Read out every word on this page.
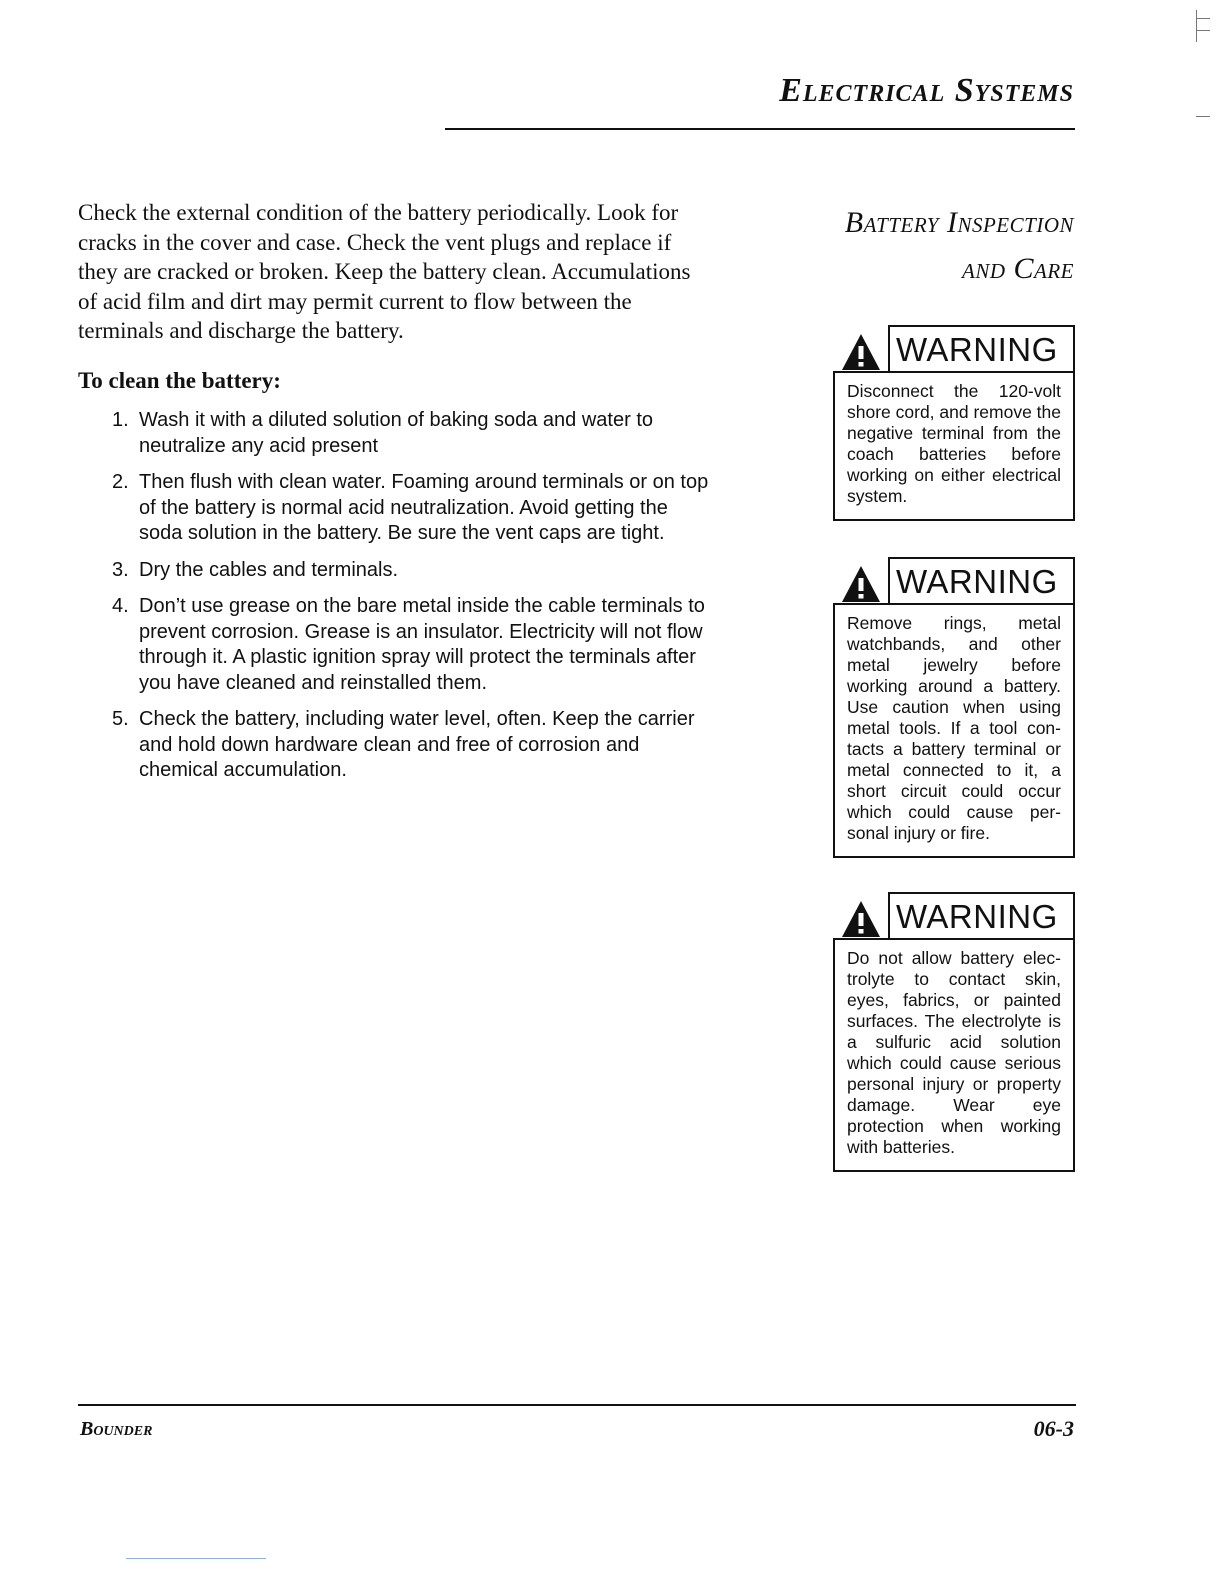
Electrical Systems

Check the external condition of the battery periodically. Look for cracks in the cover and case. Check the vent plugs and replace if they are cracked or broken. Keep the battery clean. Accumulations of acid film and dirt may permit current to flow between the terminals and discharge the battery.

To clean the battery:
1. Wash it with a diluted solution of baking soda and water to neutralize any acid present
2. Then flush with clean water. Foaming around terminals or on top of the battery is normal acid neutralization. Avoid getting the soda solution in the battery. Be sure the vent caps are tight.
3. Dry the cables and terminals.
4. Don’t use grease on the bare metal inside the cable terminals to prevent corrosion. Grease is an insulator. Electricity will not flow through it. A plastic ignition spray will protect the terminals after you have cleaned and reinstalled them.
5. Check the battery, including water level, often. Keep the carrier and hold down hardware clean and free of corrosion and chemical accumulation.
Battery Inspection
and Care
WARNING
Disconnect the 120-volt shore cord, and remove the negative terminal from the coach batteries before working on either electrical system.
WARNING
Remove rings, metal watchbands, and other metal jewelry before working around a battery. Use caution when using metal tools. If a tool contacts a battery terminal or metal connected to it, a short circuit could occur which could cause personal injury or fire.
WARNING
Do not allow battery electrolyte to contact skin, eyes, fabrics, or painted surfaces. The electrolyte is a sulfuric acid solution which could cause serious personal injury or property damage. Wear eye protection when working with batteries.
Bounder	06-3
